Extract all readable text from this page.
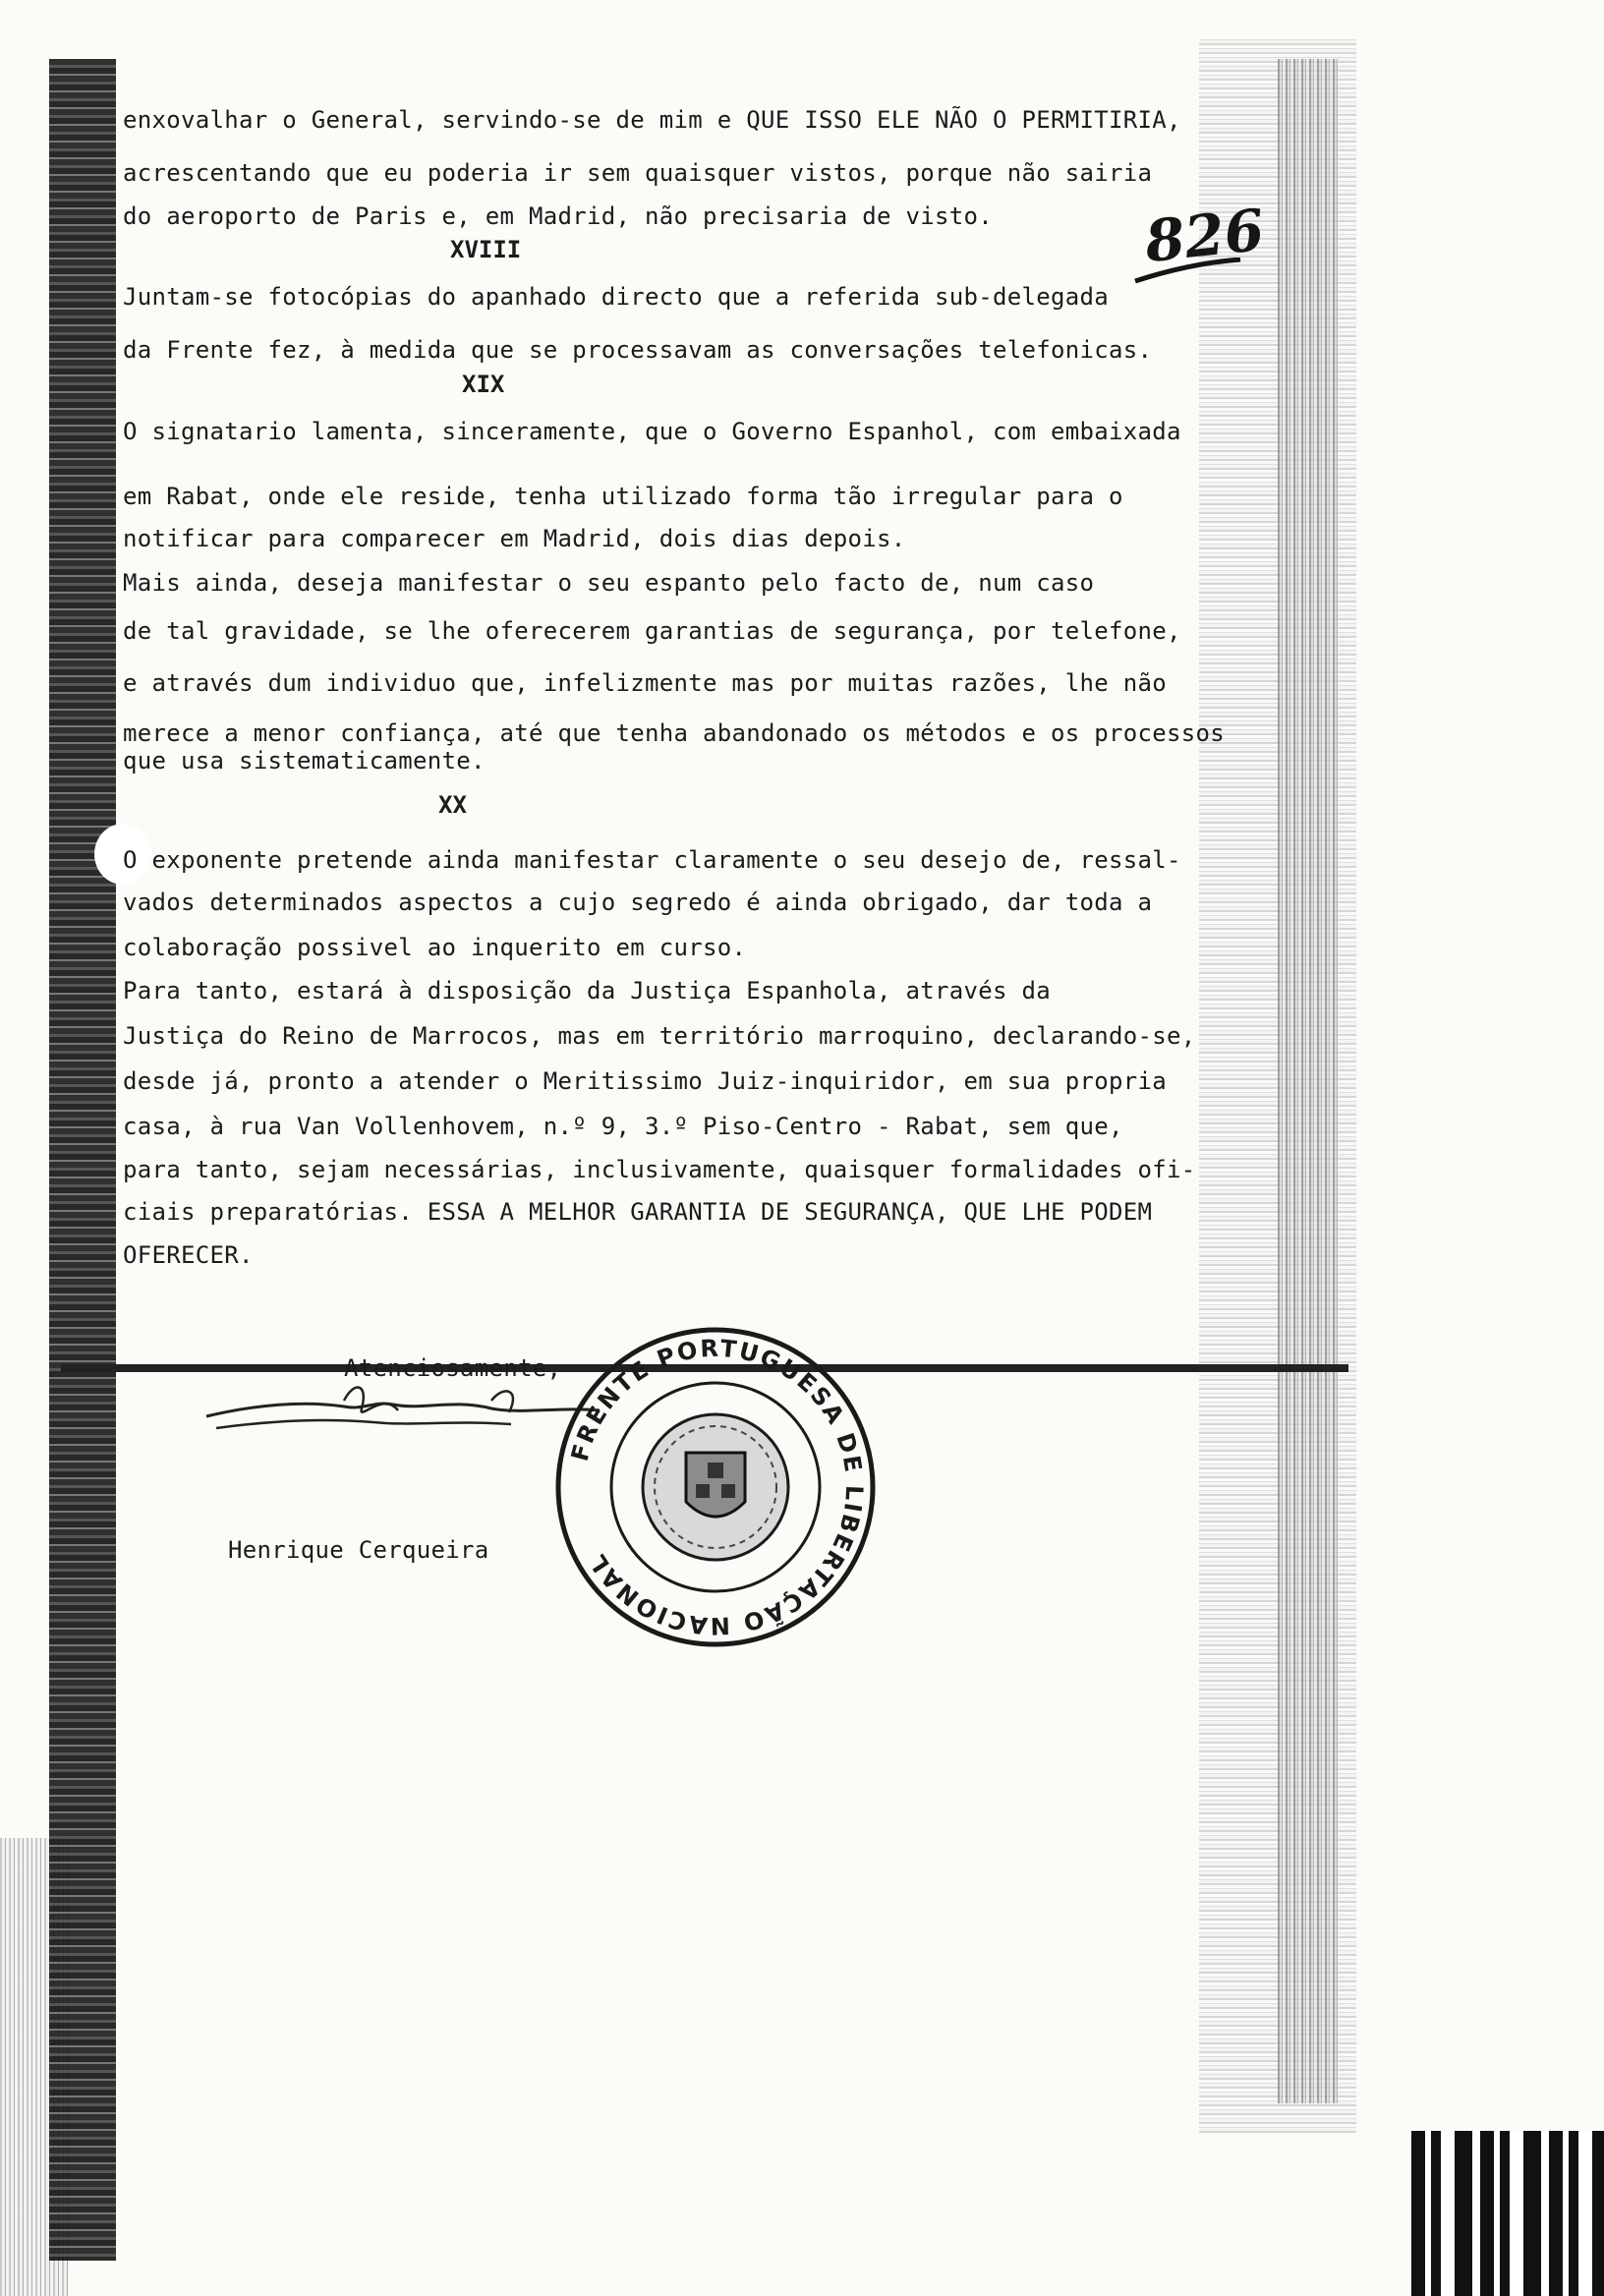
826
enxovalhar o General, servindo-se de mim e QUE ISSO ELE NÃO O PERMITIRIA,
acrescentando que eu poderia ir sem quaisquer vistos, porque não sairia
do aeroporto de Paris e, em Madrid, não precisaria de visto.
XVIII
Juntam-se fotocópias do apanhado directo que a referida sub-delegada
da Frente fez, à medida que se processavam as conversações telefonicas.
XIX
O signatario lamenta, sinceramente, que o Governo Espanhol, com embaixada
em Rabat, onde ele reside, tenha utilizado forma tão irregular para o
notificar para comparecer em Madrid, dois dias depois.
Mais ainda, deseja manifestar o seu espanto pelo facto de, num caso
de tal gravidade, se lhe oferecerem garantias de segurança, por telefone,
e através dum individuo que, infelizmente mas por muitas razões, lhe não
merece a menor confiança, até que tenha abandonado os métodos e os processos
que usa sistematicamente.
XX
O exponente pretende ainda manifestar claramente o seu desejo de, ressal-
vados determinados aspectos a cujo segredo é ainda obrigado, dar toda a
colaboração possivel ao inquerito em curso.
Para tanto, estará à disposição da Justiça Espanhola, através da
Justiça do Reino de Marrocos, mas em território marroquino, declarando-se,
desde já, pronto a atender o Meritissimo Juiz-inquiridor, em sua propria
casa, à rua Van Vollenhovem, n.º 9, 3.º Piso-Centro - Rabat, sem que,
para tanto, sejam necessárias, inclusivamente, quaisquer formalidades ofi-
ciais preparatórias. ESSA A MELHOR GARANTIA DE SEGURANÇA, QUE LHE PODEM
OFERECER.
Atenciosamente,
Henrique Cerqueira
FRENTE PORTUGUESA DE LIBERTAÇÃO NACIONAL
